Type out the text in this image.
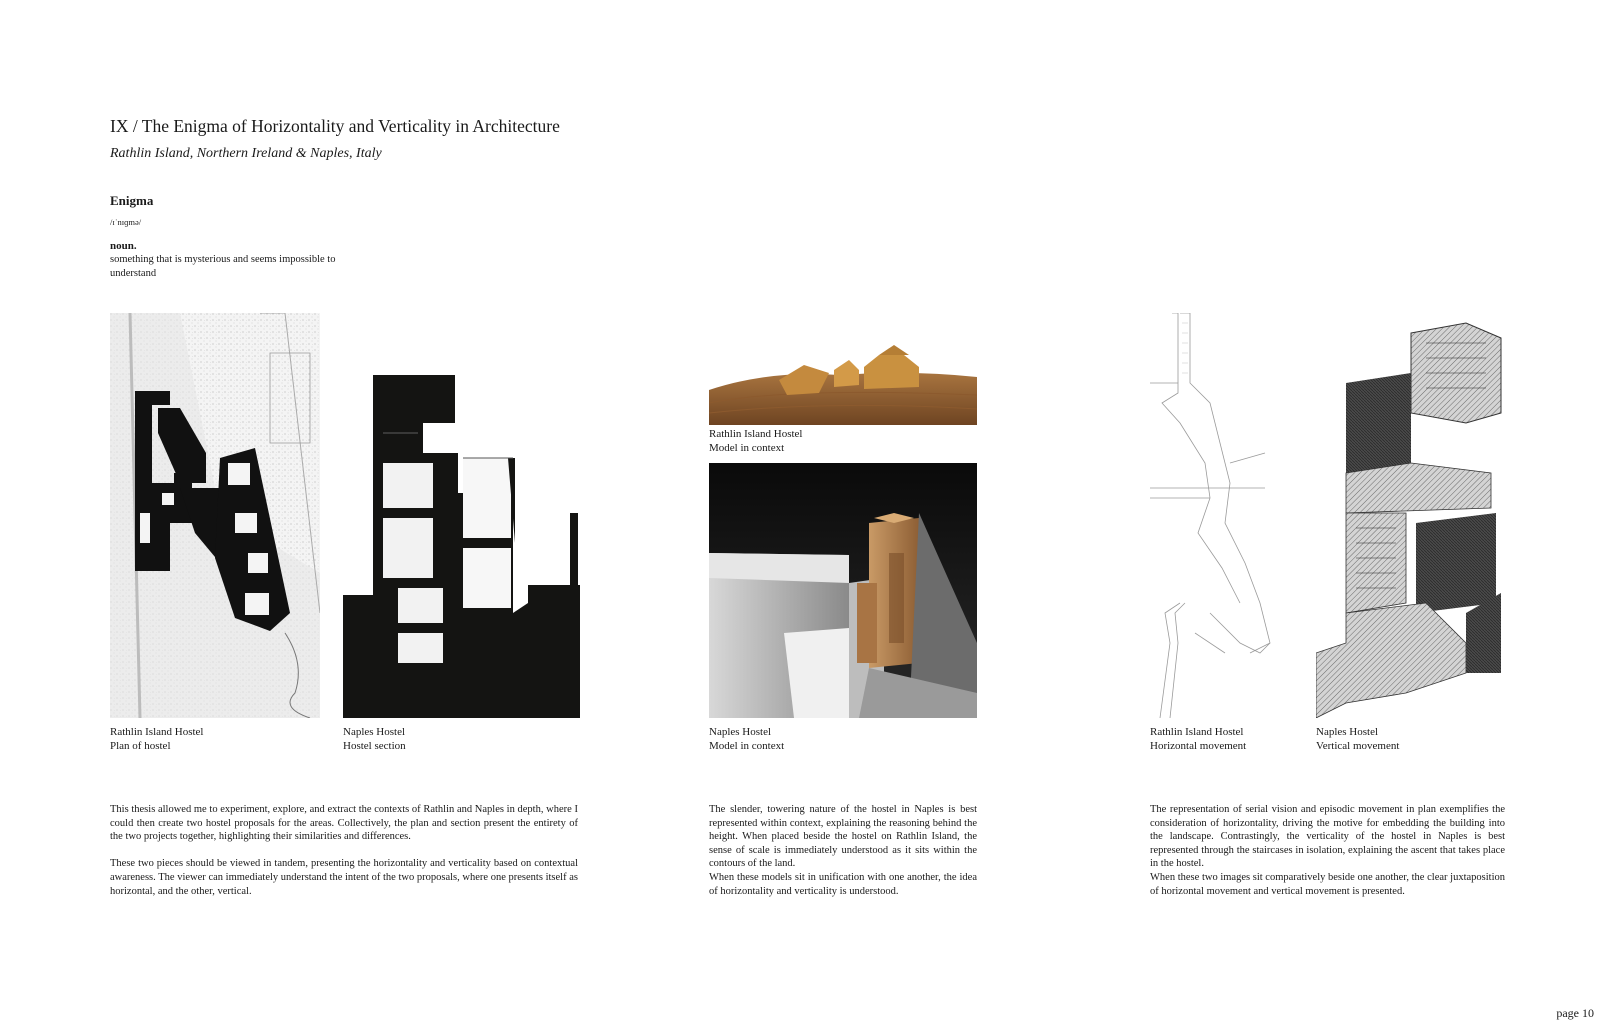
IX / The Enigma of Horizontality and Verticality in Architecture
Rathlin Island, Northern Ireland & Naples, Italy
Enigma
/ɪˈnɪɡmə/
noun.
something that is mysterious and seems impossible to understand
Rathlin Island Hostel
Plan of hostel
Naples Hostel
Hostel section
Rathlin Island Hostel
Model in context
Naples Hostel
Model in context
Rathlin Island Hostel
Horizontal movement
Naples Hostel
Vertical movement

This thesis allowed me to experiment, explore, and extract the contexts of Rathlin and Naples in depth, where I could then create two hostel proposals for the areas. Collectively, the plan and section present the entirety of the two projects together, highlighting their similarities and differences.

These two pieces should be viewed in tandem, presenting the horizontality and verticality based on contextual awareness. The viewer can immediately understand the intent of the two proposals, where one presents itself as horizontal, and the other, vertical.

The slender, towering nature of the hostel in Naples is best represented within context, explaining the reasoning behind the height. When placed beside the hostel on Rathlin Island, the sense of scale is immediately understood as it sits within the contours of the land.

When these models sit in unification with one another, the idea of horizontality and verticality is understood.

The representation of serial vision and episodic movement in plan exemplifies the consideration of horizontality, driving the motive for embedding the building into the landscape. Contrastingly, the verticality of the hostel in Naples is best represented through the staircases in isolation, explaining the ascent that takes place in the hostel.

When these two images sit comparatively beside one another, the clear juxtaposition of horizontal movement and vertical movement is presented.

page 10
